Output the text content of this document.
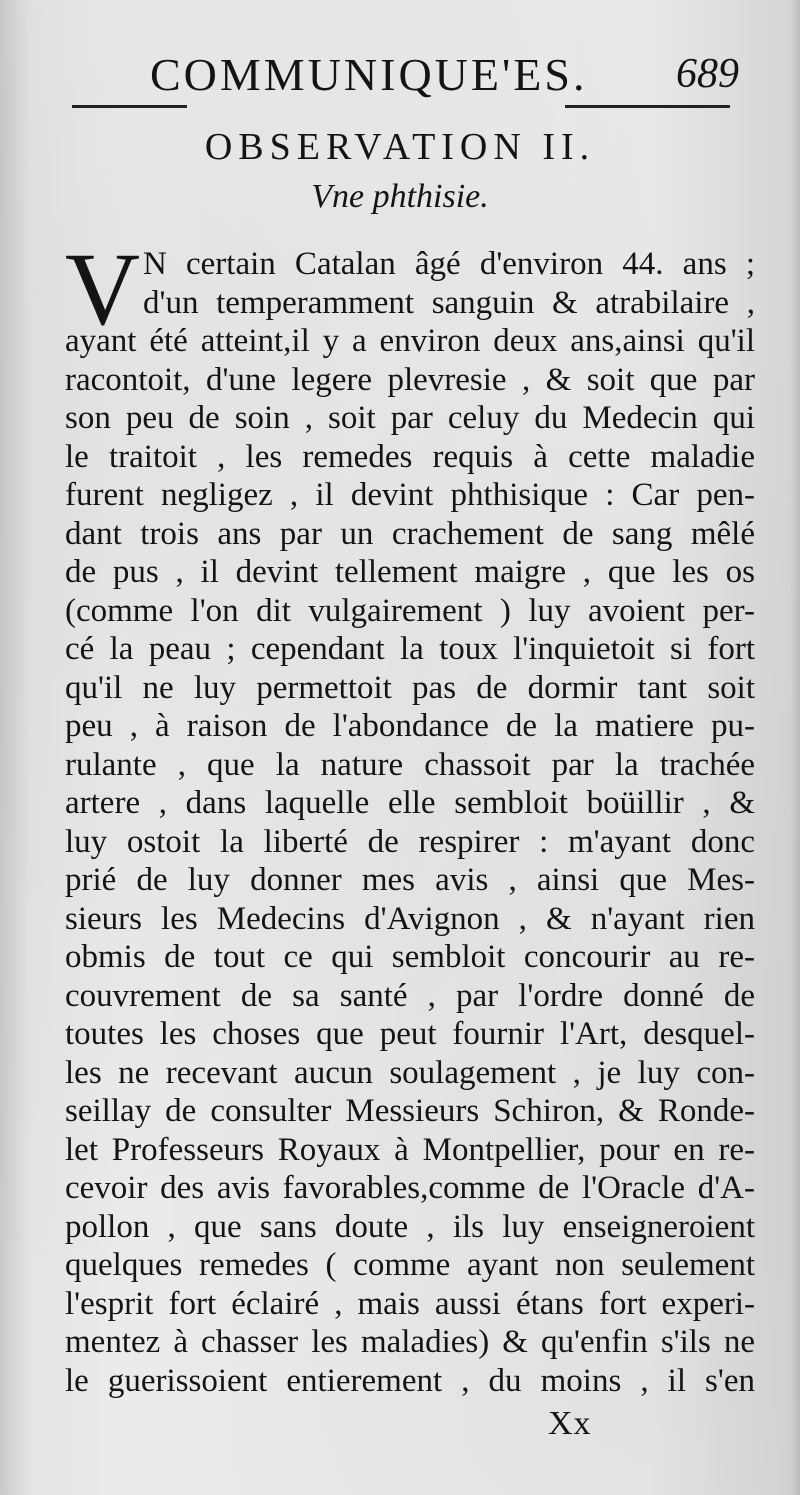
COMMUNIQUE'ES. 689
OBSERVATION II.
Vne phthisie.
V N certain Catalan âgé d'environ 44. ans ;
d'un temperamment sanguin & atrabilaire ,
ayant été atteint,il y a environ deux ans,ainsi qu'il
racontoit, d'une legere plevresie , & soit que par
son peu de soin , soit par celuy du Medecin qui
le traitoit , les remedes requis à cette maladie
furent negligez , il devint phthisique : Car pen-
dant trois ans par un crachement de sang mêlé
de pus , il devint tellement maigre , que les os
(comme l'on dit vulgairement ) luy avoient per-
cé la peau ; cependant la toux l'inquietoit si fort
qu'il ne luy permettoit pas de dormir tant soit
peu , à raison de l'abondance de la matiere pu-
rulante , que la nature chassoit par la trachée
artere , dans laquelle elle sembloit boüillir , &
luy ostoit la liberté de respirer : m'ayant donc
prié de luy donner mes avis , ainsi que Mes-
sieurs les Medecins d'Avignon , & n'ayant rien
obmis de tout ce qui sembloit concourir au re-
couvrement de sa santé , par l'ordre donné de
toutes les choses que peut fournir l'Art, desquel-
les ne recevant aucun soulagement , je luy con-
seillay de consulter Messieurs Schiron, & Ronde-
let Professeurs Royaux à Montpellier, pour en re-
cevoir des avis favorables,comme de l'Oracle d'A-
pollon , que sans doute , ils luy enseigneroient
quelques remedes ( comme ayant non seulement
l'esprit fort éclairé , mais aussi étans fort experi-
mentez à chasser les maladies) & qu'enfin s'ils ne
le guerissoient entierement , du moins , il s'en
Xx
